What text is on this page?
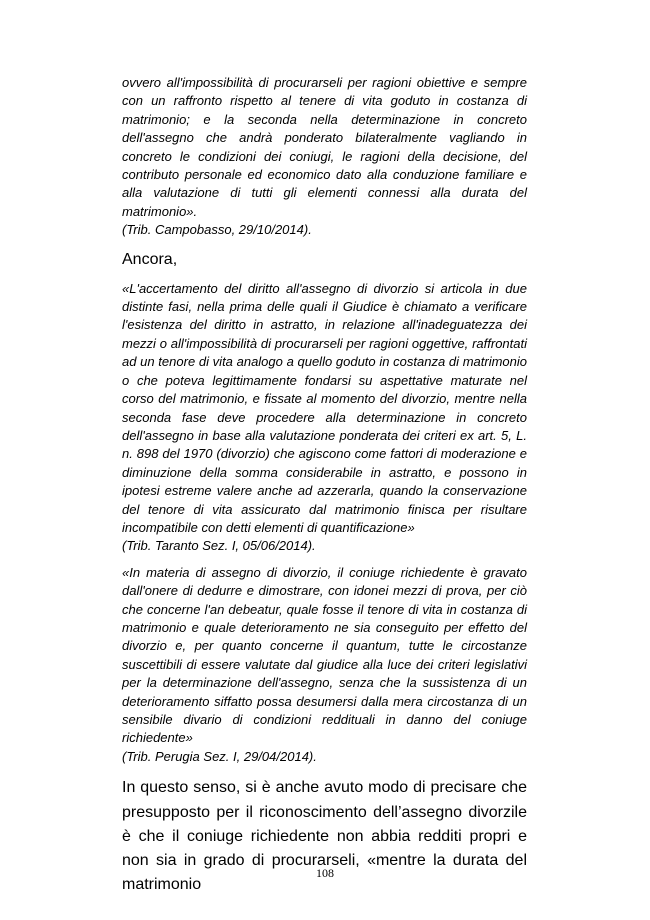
ovvero all'impossibilità di procurarseli per ragioni obiettive e sempre con un raffronto rispetto al tenere di vita goduto in costanza di matrimonio; e la seconda nella determinazione in concreto dell'assegno che andrà ponderato bilateralmente vagliando in concreto le condizioni dei coniugi, le ragioni della decisione, del contributo personale ed economico dato alla conduzione familiare e alla valutazione di tutti gli elementi connessi alla durata del matrimonio».

(Trib. Campobasso, 29/10/2014).

Ancora,

«L'accertamento del diritto all'assegno di divorzio si articola in due distinte fasi, nella prima delle quali il Giudice è chiamato a verificare l'esistenza del diritto in astratto, in relazione all'inadeguatezza dei mezzi o all'impossibilità di procurarseli per ragioni oggettive, raffrontati ad un tenore di vita analogo a quello goduto in costanza di matrimonio o che poteva legittimamente fondarsi su aspettative maturate nel corso del matrimonio, e fissate al momento del divorzio, mentre nella seconda fase deve procedere alla determinazione in concreto dell'assegno in base alla valutazione ponderata dei criteri ex art. 5, L. n. 898 del 1970 (divorzio) che agiscono come fattori di moderazione e diminuzione della somma considerabile in astratto, e possono in ipotesi estreme valere anche ad azzerarla, quando la conservazione del tenore di vita assicurato dal matrimonio finisca per risultare incompatibile con detti elementi di quantificazione»

(Trib. Taranto Sez. I, 05/06/2014).

«In materia di assegno di divorzio, il coniuge richiedente è gravato dall'onere di dedurre e dimostrare, con idonei mezzi di prova, per ciò che concerne l'an debeatur, quale fosse il tenore di vita in costanza di matrimonio e quale deterioramento ne sia conseguito per effetto del divorzio e, per quanto concerne il quantum, tutte le circostanze suscettibili di essere valutate dal giudice alla luce dei criteri legislativi per la determinazione dell'assegno, senza che la sussistenza di un deterioramento siffatto possa desumersi dalla mera circostanza di un sensibile divario di condizioni reddituali in danno del coniuge richiedente»

(Trib. Perugia Sez. I, 29/04/2014).

In questo senso, si è anche avuto modo di precisare che presupposto per il riconoscimento dell’assegno divorzile è che il coniuge richiedente non abbia redditi propri e non sia in grado di procurarseli, «mentre la durata del matrimonio

108
